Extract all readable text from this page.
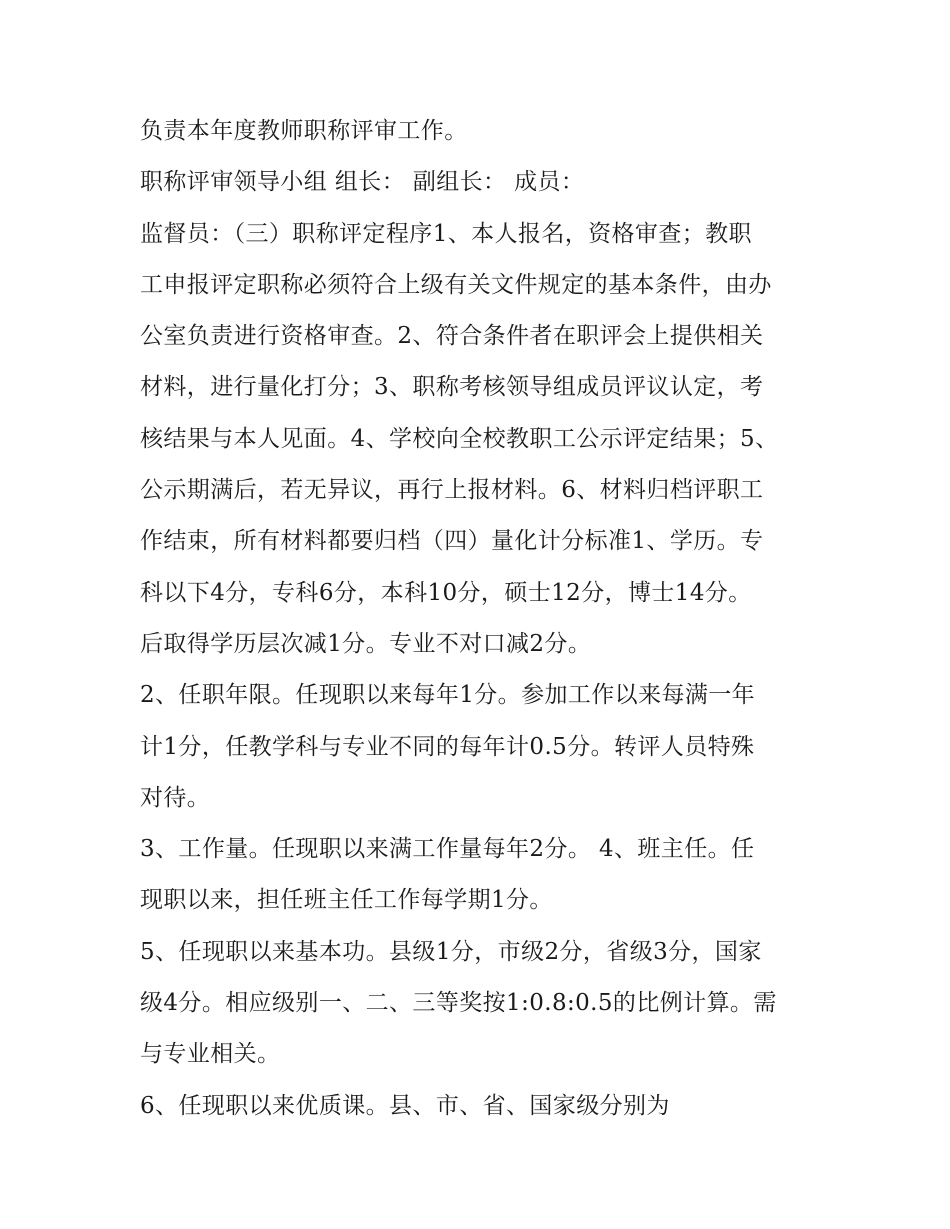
负责本年度教师职称评审工作。
职称评审领导小组 组长： 副组长： 成员：
监督员：（三）职称评定程序1、本人报名，资格审查；教职
工申报评定职称必须符合上级有关文件规定的基本条件，由办
公室负责进行资格审查。2、符合条件者在职评会上提供相关
材料，进行量化打分；3、职称考核领导组成员评议认定，考
核结果与本人见面。4、学校向全校教职工公示评定结果；5、
公示期满后，若无异议，再行上报材料。6、材料归档评职工
作结束，所有材料都要归档（四）量化计分标准1、学历。专
科以下4分，专科6分，本科10分，硕士12分，博士14分。
后取得学历层次减1分。专业不对口减2分。
2、任职年限。任现职以来每年1分。参加工作以来每满一年
计1分，任教学科与专业不同的每年计0.5分。转评人员特殊
对待。
3、工作量。任现职以来满工作量每年2分。 4、班主任。任
现职以来，担任班主任工作每学期1分。
5、任现职以来基本功。县级1分，市级2分，省级3分，国家
级4分。相应级别一、二、三等奖按1:0.8:0.5的比例计算。需
与专业相关。
6、任现职以来优质课。县、市、省、国家级分别为
